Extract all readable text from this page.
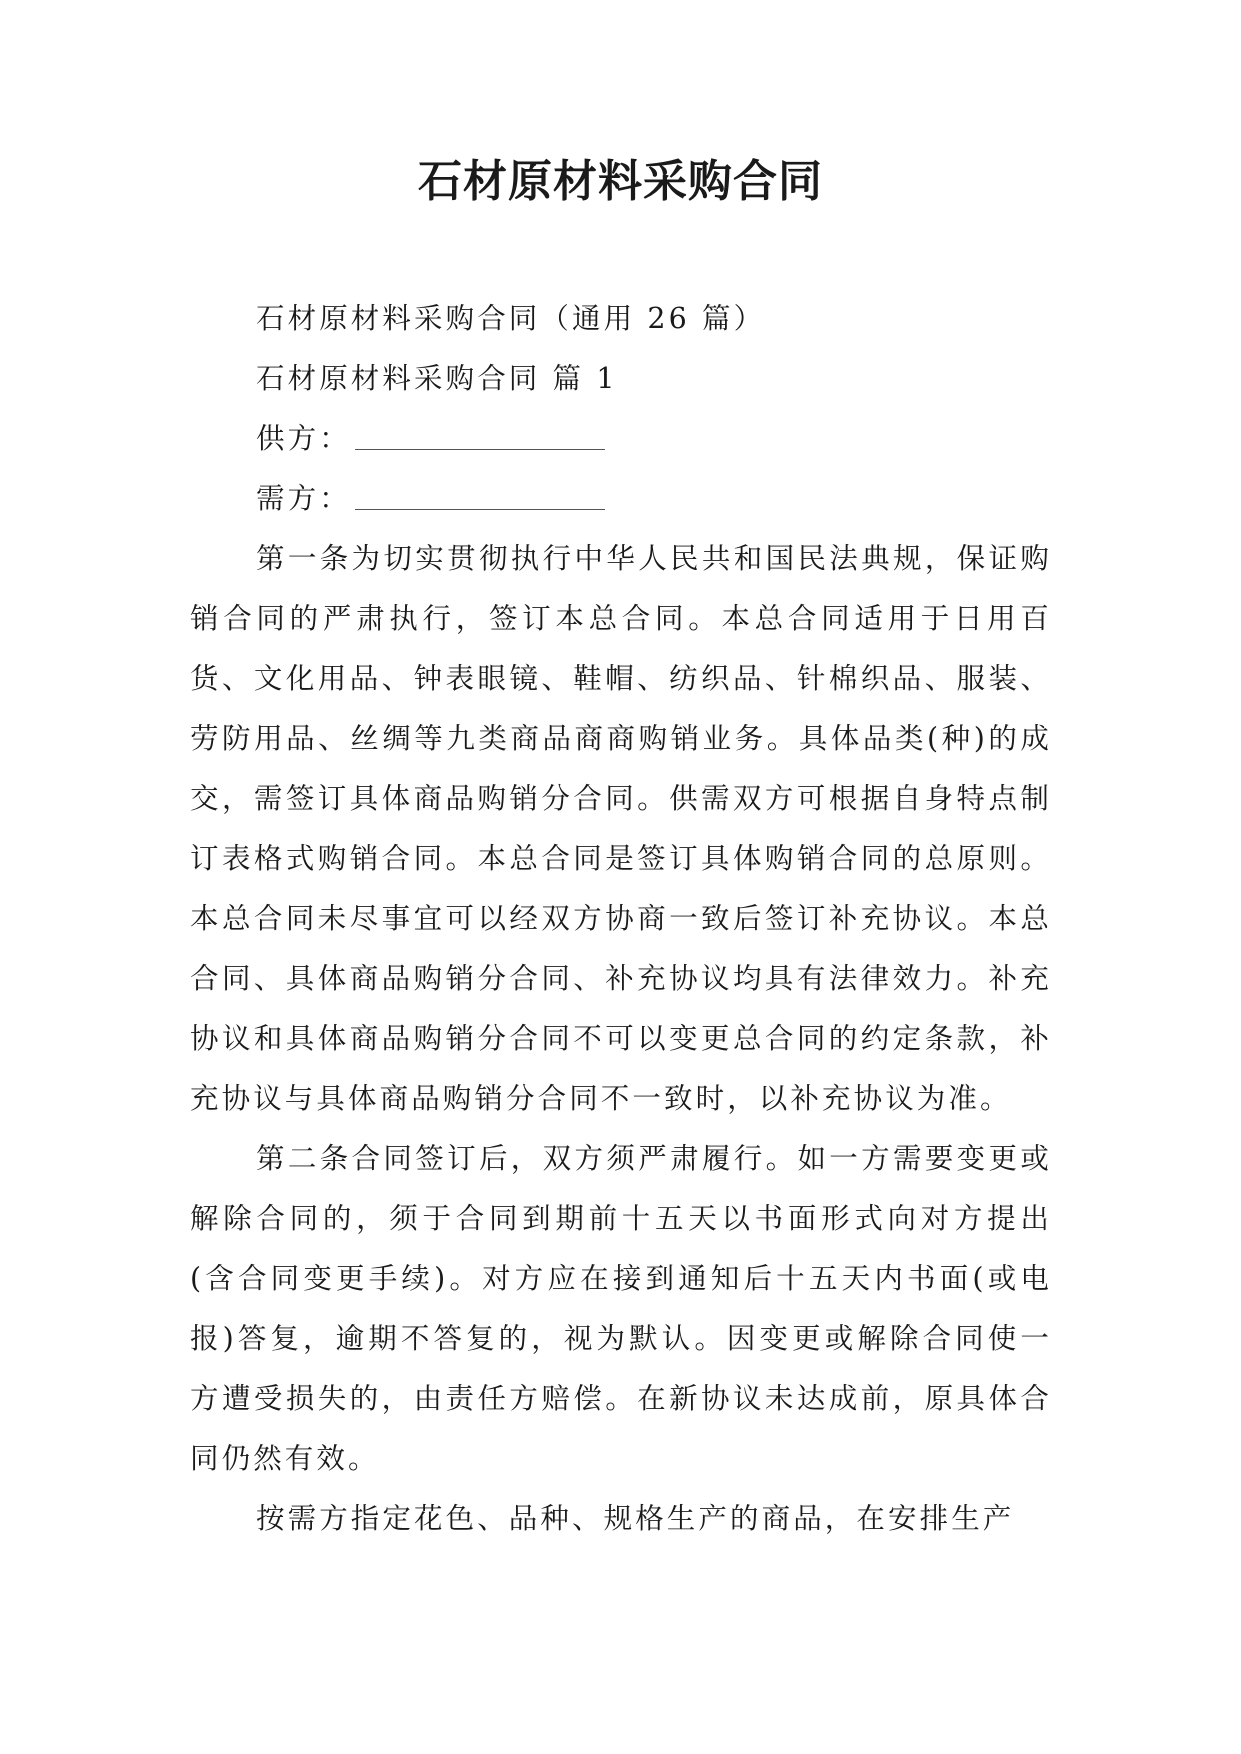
石材原材料采购合同

石材原材料采购合同（通用 26 篇）

石材原材料采购合同 篇 1

供方：

需方：

第一条为切实贯彻执行中华人民共和国民法典规，保证购销合同的严肃执行，签订本总合同。本总合同适用于日用百货、文化用品、钟表眼镜、鞋帽、纺织品、针棉织品、服装、劳防用品、丝绸等九类商品商商购销业务。具体品类(种)的成交，需签订具体商品购销分合同。供需双方可根据自身特点制订表格式购销合同。本总合同是签订具体购销合同的总原则。本总合同未尽事宜可以经双方协商一致后签订补充协议。本总合同、具体商品购销分合同、补充协议均具有法律效力。补充协议和具体商品购销分合同不可以变更总合同的约定条款，补充协议与具体商品购销分合同不一致时，以补充协议为准。

第二条合同签订后，双方须严肃履行。如一方需要变更或解除合同的，须于合同到期前十五天以书面形式向对方提出(含合同变更手续)。对方应在接到通知后十五天内书面(或电报)答复，逾期不答复的，视为默认。因变更或解除合同使一方遭受损失的，由责任方赔偿。在新协议未达成前，原具体合同仍然有效。

按需方指定花色、品种、规格生产的商品，在安排生产
